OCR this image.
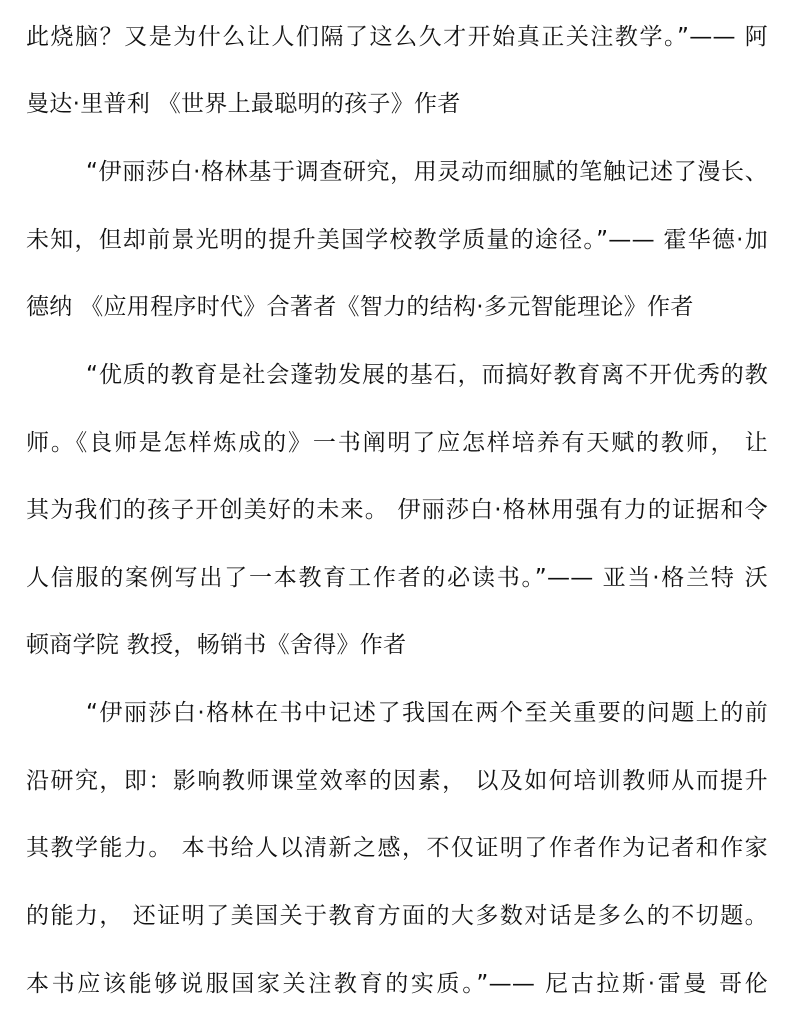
此烧脑？又是为什么让人们隔了这么久才开始真正关注教学。”—— 阿
曼达·里普利 《世界上最聪明的孩子》作者
“伊丽莎白·格林基于调查研究，用灵动而细腻的笔触记述了漫长、
未知，但却前景光明的提升美国学校教学质量的途径。”—— 霍华德·加
德纳 《应用程序时代》合著者《智力的结构·多元智能理论》作者
“优质的教育是社会蓬勃发展的基石，而搞好教育离不开优秀的教
师。《良师是怎样炼成的》一书阐明了应怎样培养有天赋的教师， 让
其为我们的孩子开创美好的未来。 伊丽莎白·格林用强有力的证据和令
人信服的案例写出了一本教育工作者的必读书。”—— 亚当·格兰特 沃
顿商学院 教授，畅销书《舍得》作者
“伊丽莎白·格林在书中记述了我国在两个至关重要的问题上的前
沿研究，即：影响教师课堂效率的因素， 以及如何培训教师从而提升
其教学能力。 本书给人以清新之感，不仅证明了作者作为记者和作家
的能力， 还证明了美国关于教育方面的大多数对话是多么的不切题。
本书应该能够说服国家关注教育的实质。”—— 尼古拉斯·雷曼 哥伦
